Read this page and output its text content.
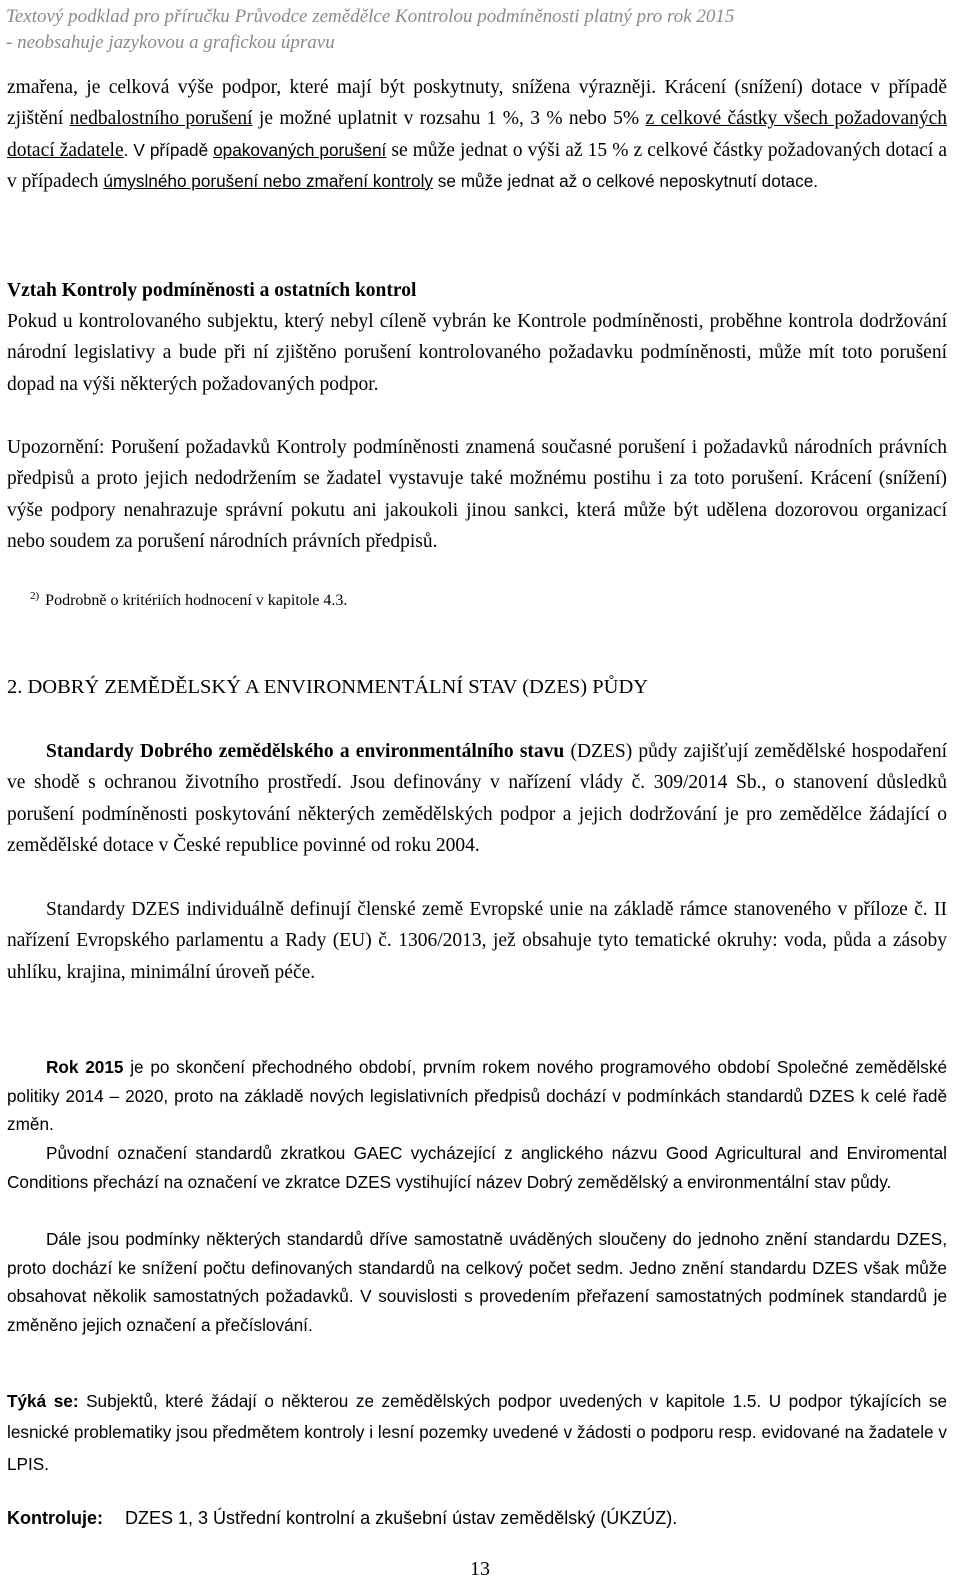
Textový podklad pro příručku Průvodce zemědělce Kontrolou podmíněnosti platný pro rok 2015
- neobsahuje jazykovou a grafickou úpravu
zmařena, je celková výše podpor, které mají být poskytnuty, snížena výrazněji. Krácení (snížení) dotace v případě zjištění nedbalostního porušení je možné uplatnit v rozsahu 1 %, 3 % nebo 5% z celkové částky všech požadovaných dotací žadatele. V případě opakovaných porušení se může jednat o výši až 15 % z celkové částky požadovaných dotací a v případech úmyslného porušení nebo zmaření kontroly se může jednat až o celkové neposkytnutí dotace.
Vztah Kontroly podmíněnosti a ostatních kontrol
Pokud u kontrolovaného subjektu, který nebyl cíleně vybrán ke Kontrole podmíněnosti, proběhne kontrola dodržování národní legislativy a bude při ní zjištěno porušení kontrolovaného požadavku podmíněnosti, může mít toto porušení dopad na výši některých požadovaných podpor.
Upozornění: Porušení požadavků Kontroly podmíněnosti znamená současné porušení i požadavků národních právních předpisů a proto jejich nedodržením se žadatel vystavuje také možnému postihu i za toto porušení. Krácení (snížení) výše podpory nenahrazuje správní pokutu ani jakoukoli jinou sankci, která může být udělena dozorovou organizací nebo soudem za porušení národních právních předpisů.
$^{2)}$ Podrobně o kritériích hodnocení v kapitole 4.3.
2. DOBRÝ ZEMĚDĚLSKÝ A ENVIRONMENTÁLNÍ STAV (DZES) PŮDY
Standardy Dobrého zemědělského a environmentálního stavu (DZES) půdy zajišťují zemědělské hospodaření ve shodě s ochranou životního prostředí. Jsou definovány v nařízení vlády č. 309/2014 Sb., o stanovení důsledků porušení podmíněnosti poskytování některých zemědělských podpor a jejich dodržování je pro zemědělce žádající o zemědělské dotace v České republice povinné od roku 2004.
Standardy DZES individuálně definují členské země Evropské unie na základě rámce stanoveného v příloze č. II nařízení Evropského parlamentu a Rady (EU) č. 1306/2013, jež obsahuje tyto tematické okruhy: voda, půda a zásoby uhlíku, krajina, minimální úroveň péče.
Rok 2015 je po skončení přechodného období, prvním rokem nového programového období Společné zemědělské politiky 2014 – 2020, proto na základě nových legislativních předpisů dochází v podmínkách standardů DZES k celé řadě změn.
Původní označení standardů zkratkou GAEC vycházející z anglického názvu Good Agricultural and Enviromental Conditions přechází na označení ve zkratce DZES vystihující název Dobrý zemědělský a environmentální stav půdy.
Dále jsou podmínky některých standardů dříve samostatně uváděných sloučeny do jednoho znění standardu DZES, proto dochází ke snížení počtu definovaných standardů na celkový počet sedm. Jedno znění standardu DZES však může obsahovat několik samostatných požadavků. V souvislosti s provedením přeřazení samostatných podmínek standardů je změněno jejich označení a přečíslování.
Týká se: Subjektů, které žádají o některou ze zemědělských podpor uvedených v kapitole 1.5. U podpor týkajících se lesnické problematiky jsou předmětem kontroly i lesní pozemky uvedené v žádosti o podporu resp. evidované na žadatele v LPIS.
Kontroluje: DZES 1, 3 Ústřední kontrolní a zkušební ústav zemědělský (ÚKZÚZ).
13
